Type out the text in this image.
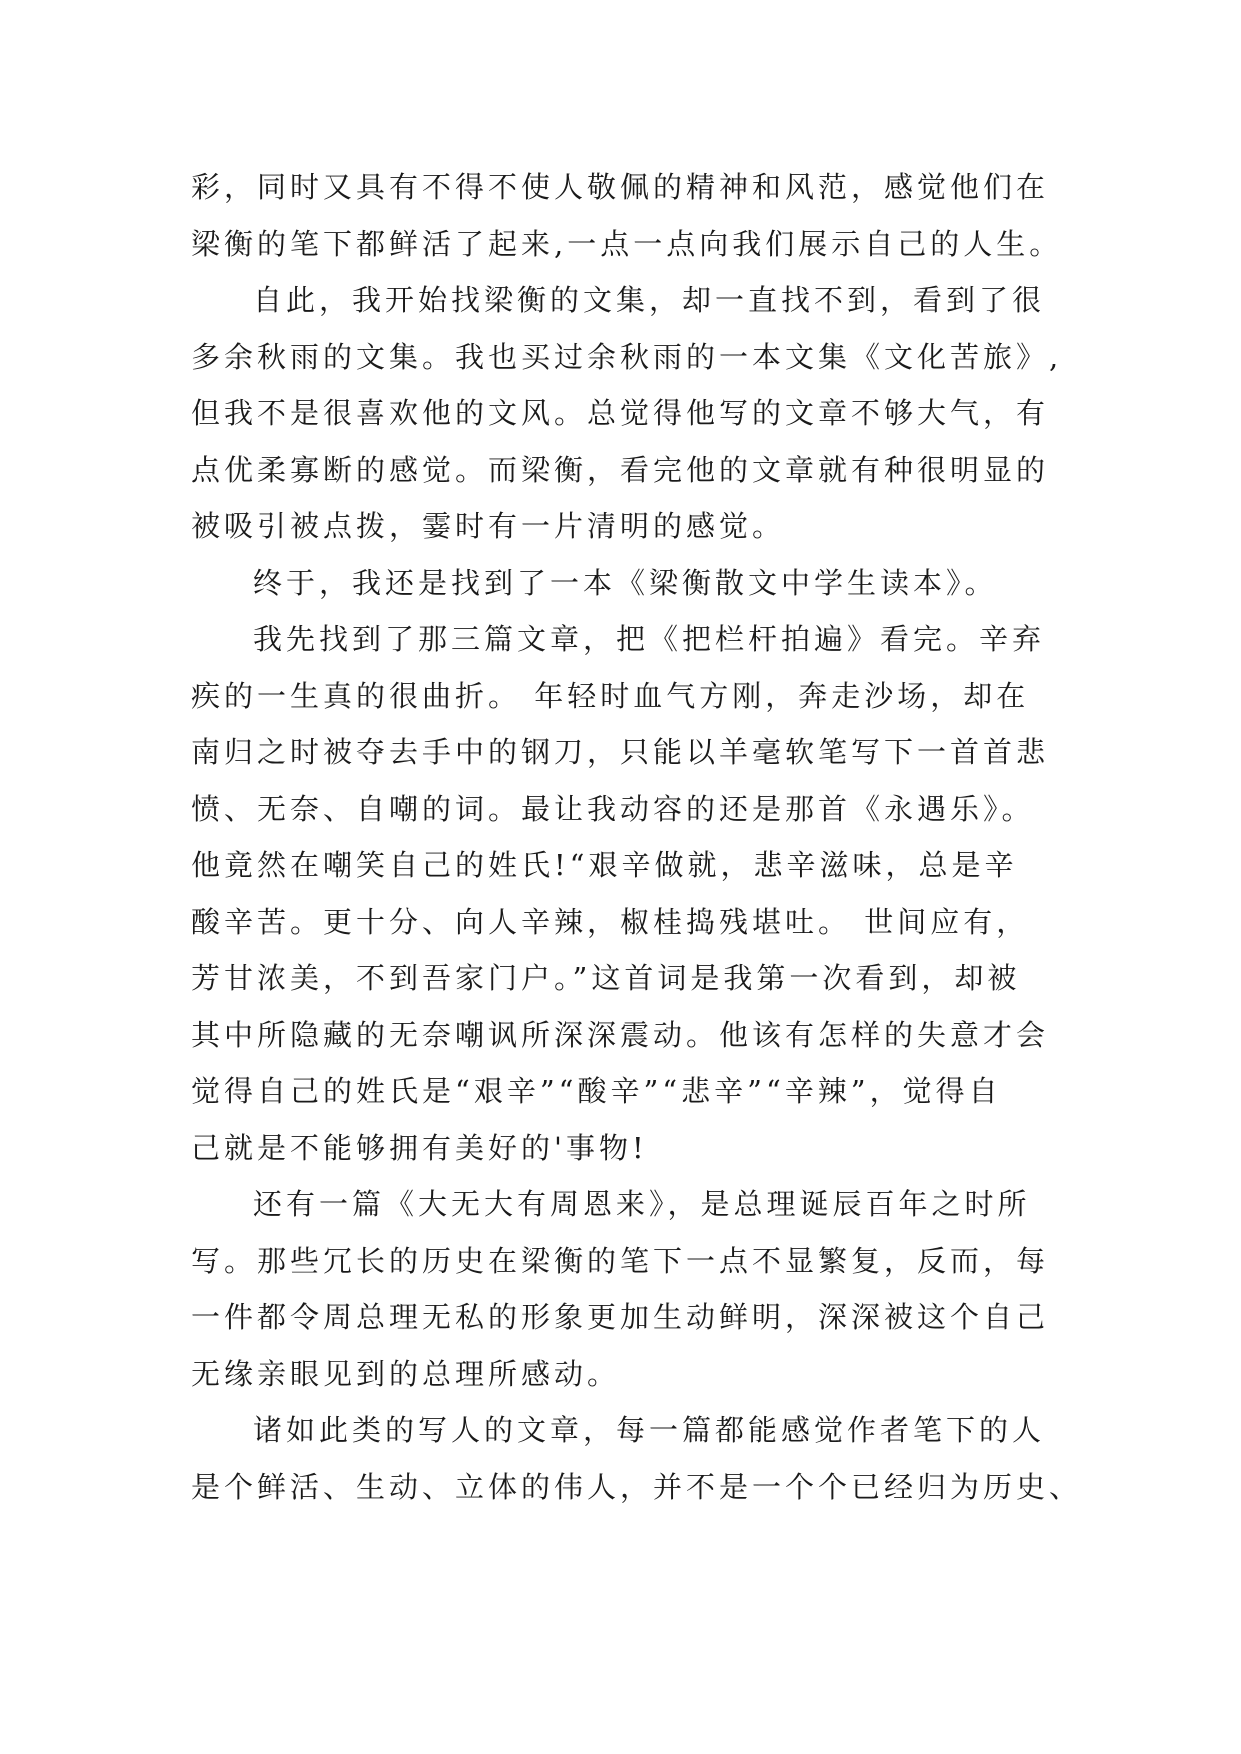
彩，同时又具有不得不使人敬佩的精神和风范，感觉他们在
梁衡的笔下都鲜活了起来,一点一点向我们展示自己的人生。
自此，我开始找梁衡的文集，却一直找不到，看到了很
多余秋雨的文集。我也买过余秋雨的一本文集《文化苦旅》,
但我不是很喜欢他的文风。总觉得他写的文章不够大气，有
点优柔寡断的感觉。而梁衡，看完他的文章就有种很明显的
被吸引被点拨，霎时有一片清明的感觉。
终于，我还是找到了一本《梁衡散文中学生读本》。
我先找到了那三篇文章，把《把栏杆拍遍》看完。辛弃
疾的一生真的很曲折。 年轻时血气方刚，奔走沙场，却在
南归之时被夺去手中的钢刀，只能以羊毫软笔写下一首首悲
愤、无奈、自嘲的词。最让我动容的还是那首《永遇乐》。
他竟然在嘲笑自己的姓氏!“艰辛做就，悲辛滋味，总是辛
酸辛苦。更十分、向人辛辣，椒桂捣残堪吐。 世间应有，
芳甘浓美，不到吾家门户。”这首词是我第一次看到，却被
其中所隐藏的无奈嘲讽所深深震动。他该有怎样的失意才会
觉得自己的姓氏是“艰辛”“酸辛”“悲辛”“辛辣”，觉得自
己就是不能够拥有美好的'事物!
还有一篇《大无大有周恩来》，是总理诞辰百年之时所
写。那些冗长的历史在梁衡的笔下一点不显繁复，反而，每
一件都令周总理无私的形象更加生动鲜明，深深被这个自己
无缘亲眼见到的总理所感动。
诸如此类的写人的文章，每一篇都能感觉作者笔下的人
是个鲜活、生动、立体的伟人，并不是一个个已经归为历史、
